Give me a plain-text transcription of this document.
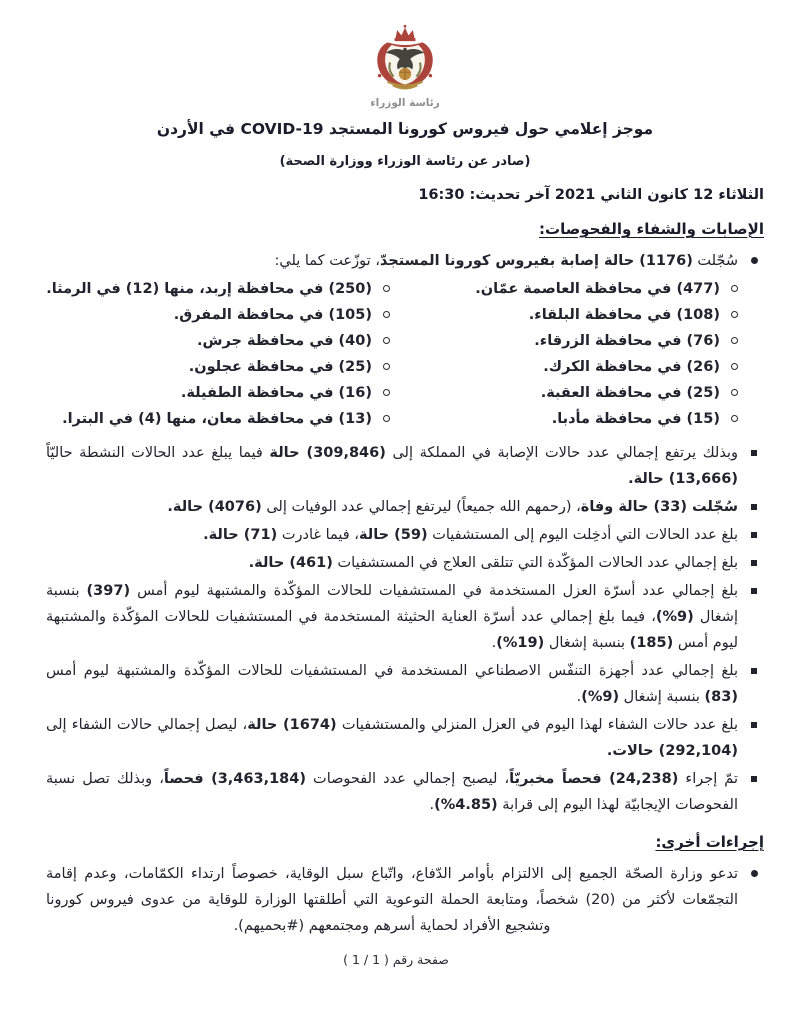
رئاسة الوزراء
موجز إعلامي حول فيروس كورونا المستجد COVID-19 في الأردن
(صادر عن رئاسة الوزراء ووزارة الصحة)
الثلاثاء 12 كانون الثاني 2021 آخر تحديث: 16:30
الإصابات والشفاء والفحوصات:

سُجّلت (1176) حالة إصابة بفيروس كورونا المستجدّ، توزّعت كما يلي:

(477) في محافظة العاصمة عمّان.
(108) في محافظة البلقاء.
(76) في محافظة الزرقاء.
(26) في محافظة الكرك.
(25) في محافظة العقبة.
(15) في محافظة مأدبا.
(250) في محافظة إربد، منها (12) في الرمثا.
(105) في محافظة المفرق.
(40) في محافظة جرش.
(25) في محافظة عجلون.
(16) في محافظة الطفيلة.
(13) في محافظة معان، منها (4) في البترا.

وبذلك يرتفع إجمالي عدد حالات الإصابة في المملكة إلى (309,846) حالة فيما يبلغ عدد الحالات النشطة حاليّاً (13,666) حالة.

سُجّلت (33) حالة وفاة، (رحمهم الله جميعاً) ليرتفع إجمالي عدد الوفيات إلى (4076) حالة.

بلغ عدد الحالات التي أدخِلت اليوم إلى المستشفيات (59) حالة، فيما غادرت (71) حالة.

بلغ إجمالي عدد الحالات المؤكّدة التي تتلقى العلاج في المستشفيات (461) حالة.

بلغ إجمالي عدد أسرّة العزل المستخدمة في المستشفيات للحالات المؤكّدة والمشتبهة ليوم أمس (397) بنسبة إشغال (%9)، فيما بلغ إجمالي عدد أسرّة العناية الحثيثة المستخدمة في المستشفيات للحالات المؤكّدة والمشتبهة ليوم أمس (185) بنسبة إشغال (%19).

بلغ إجمالي عدد أجهزة التنفّس الاصطناعي المستخدمة في المستشفيات للحالات المؤكّدة والمشتبهة ليوم أمس (83) بنسبة إشغال (%9).

بلغ عدد حالات الشفاء لهذا اليوم في العزل المنزلي والمستشفيات (1674) حالة، ليصل إجمالي حالات الشفاء إلى (292,104) حالات.

تمّ إجراء (24,238) فحصاً مخبريّاً، ليصبح إجمالي عدد الفحوصات (3,463,184) فحصاً، وبذلك تصل نسبة الفحوصات الإيجابيّة لهذا اليوم إلى قرابة (%4.85).

إجراءات أخرى:

تدعو وزارة الصحّة الجميع إلى الالتزام بأوامر الدّفاع، واتّباع سبل الوقاية، خصوصاً ارتداء الكمّامات، وعدم إقامة التجمّعات لأكثر من (20) شخصاً، ومتابعة الحملة التوعوية التي أطلقتها الوزارة للوقاية من عدوى فيروس كورونا وتشجيع الأفراد لحماية أسرهم ومجتمعهم (#بحميهم).

صفحة رقم ( 1 / 1 )
